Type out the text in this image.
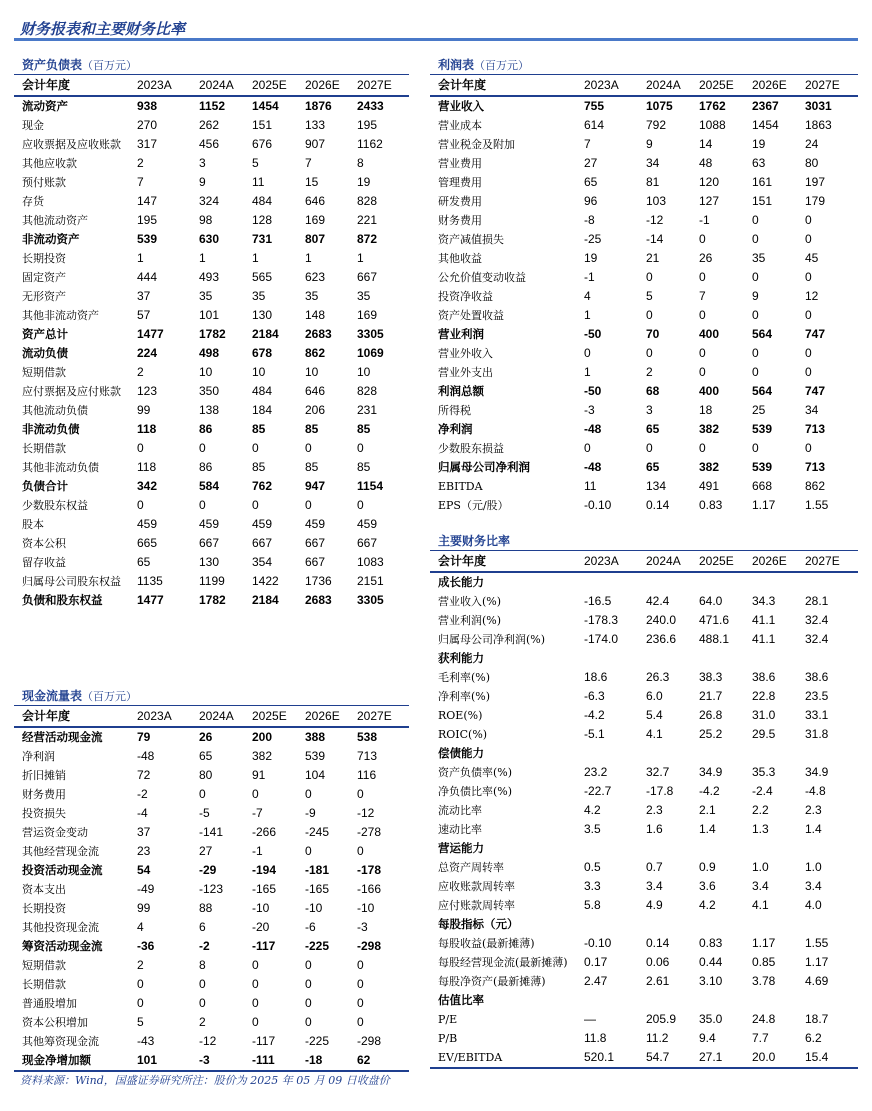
财务报表和主要财务比率
资产负债表（百万元）
会计年度	2023A	2024A	2025E	2026E	2027E
流动资产	938	1152	1454	1876	2433
现金	270	262	151	133	195
应收票据及应收账款	317	456	676	907	1162
其他应收款	2	3	5	7	8
预付账款	7	9	11	15	19
存货	147	324	484	646	828
其他流动资产	195	98	128	169	221
非流动资产	539	630	731	807	872
长期投资	1	1	1	1	1
固定资产	444	493	565	623	667
无形资产	37	35	35	35	35
其他非流动资产	57	101	130	148	169
资产总计	1477	1782	2184	2683	3305
流动负债	224	498	678	862	1069
短期借款	2	10	10	10	10
应付票据及应付账款	123	350	484	646	828
其他流动负债	99	138	184	206	231
非流动负债	118	86	85	85	85
长期借款	0	0	0	0	0
其他非流动负债	118	86	85	85	85
负债合计	342	584	762	947	1154
少数股东权益	0	0	0	0	0
股本	459	459	459	459	459
资本公积	665	667	667	667	667
留存收益	65	130	354	667	1083
归属母公司股东权益	1135	1199	1422	1736	2151
负债和股东权益	1477	1782	2184	2683	3305
利润表（百万元）
会计年度	2023A	2024A	2025E	2026E	2027E
营业收入	755	1075	1762	2367	3031
营业成本	614	792	1088	1454	1863
营业税金及附加	7	9	14	19	24
营业费用	27	34	48	63	80
管理费用	65	81	120	161	197
研发费用	96	103	127	151	179
财务费用	-8	-12	-1	0	0
资产减值损失	-25	-14	0	0	0
其他收益	19	21	26	35	45
公允价值变动收益	-1	0	0	0	0
投资净收益	4	5	7	9	12
资产处置收益	1	0	0	0	0
营业利润	-50	70	400	564	747
营业外收入	0	0	0	0	0
营业外支出	1	2	0	0	0
利润总额	-50	68	400	564	747
所得税	-3	3	18	25	34
净利润	-48	65	382	539	713
少数股东损益	0	0	0	0	0
归属母公司净利润	-48	65	382	539	713
EBITDA	11	134	491	668	862
EPS（元/股）	-0.10	0.14	0.83	1.17	1.55
主要财务比率
会计年度	2023A	2024A	2025E	2026E	2027E
成长能力					
营业收入(%)	-16.5	42.4	64.0	34.3	28.1
营业利润(%)	-178.3	240.0	471.6	41.1	32.4
归属母公司净利润(%)	-174.0	236.6	488.1	41.1	32.4
获利能力					
毛利率(%)	18.6	26.3	38.3	38.6	38.6
净利率(%)	-6.3	6.0	21.7	22.8	23.5
ROE(%)	-4.2	5.4	26.8	31.0	33.1
ROIC(%)	-5.1	4.1	25.2	29.5	31.8
偿债能力					
资产负债率(%)	23.2	32.7	34.9	35.3	34.9
净负债比率(%)	-22.7	-17.8	-4.2	-2.4	-4.8
流动比率	4.2	2.3	2.1	2.2	2.3
速动比率	3.5	1.6	1.4	1.3	1.4
营运能力					
总资产周转率	0.5	0.7	0.9	1.0	1.0
应收账款周转率	3.3	3.4	3.6	3.4	3.4
应付账款周转率	5.8	4.9	4.2	4.1	4.0
每股指标（元）					
每股收益(最新摊薄)	-0.10	0.14	0.83	1.17	1.55
每股经营现金流(最新摊薄)	0.17	0.06	0.44	0.85	1.17
每股净资产(最新摊薄)	2.47	2.61	3.10	3.78	4.69
估值比率					
P/E	—	205.9	35.0	24.8	18.7
P/B	11.8	11.2	9.4	7.7	6.2
EV/EBITDA	520.1	54.7	27.1	20.0	15.4
现金流量表（百万元）
会计年度	2023A	2024A	2025E	2026E	2027E
经营活动现金流	79	26	200	388	538
净利润	-48	65	382	539	713
折旧摊销	72	80	91	104	116
财务费用	-2	0	0	0	0
投资损失	-4	-5	-7	-9	-12
营运资金变动	37	-141	-266	-245	-278
其他经营现金流	23	27	-1	0	0
投资活动现金流	54	-29	-194	-181	-178
资本支出	-49	-123	-165	-165	-166
长期投资	99	88	-10	-10	-10
其他投资现金流	4	6	-20	-6	-3
筹资活动现金流	-36	-2	-117	-225	-298
短期借款	2	8	0	0	0
长期借款	0	0	0	0	0
普通股增加	0	0	0	0	0
资本公积增加	5	2	0	0	0
其他筹资现金流	-43	-12	-117	-225	-298
现金净增加额	101	-3	-111	-18	62
资料来源：Wind，国盛证券研究所注：股价为 2025 年 05 月 09 日收盘价
